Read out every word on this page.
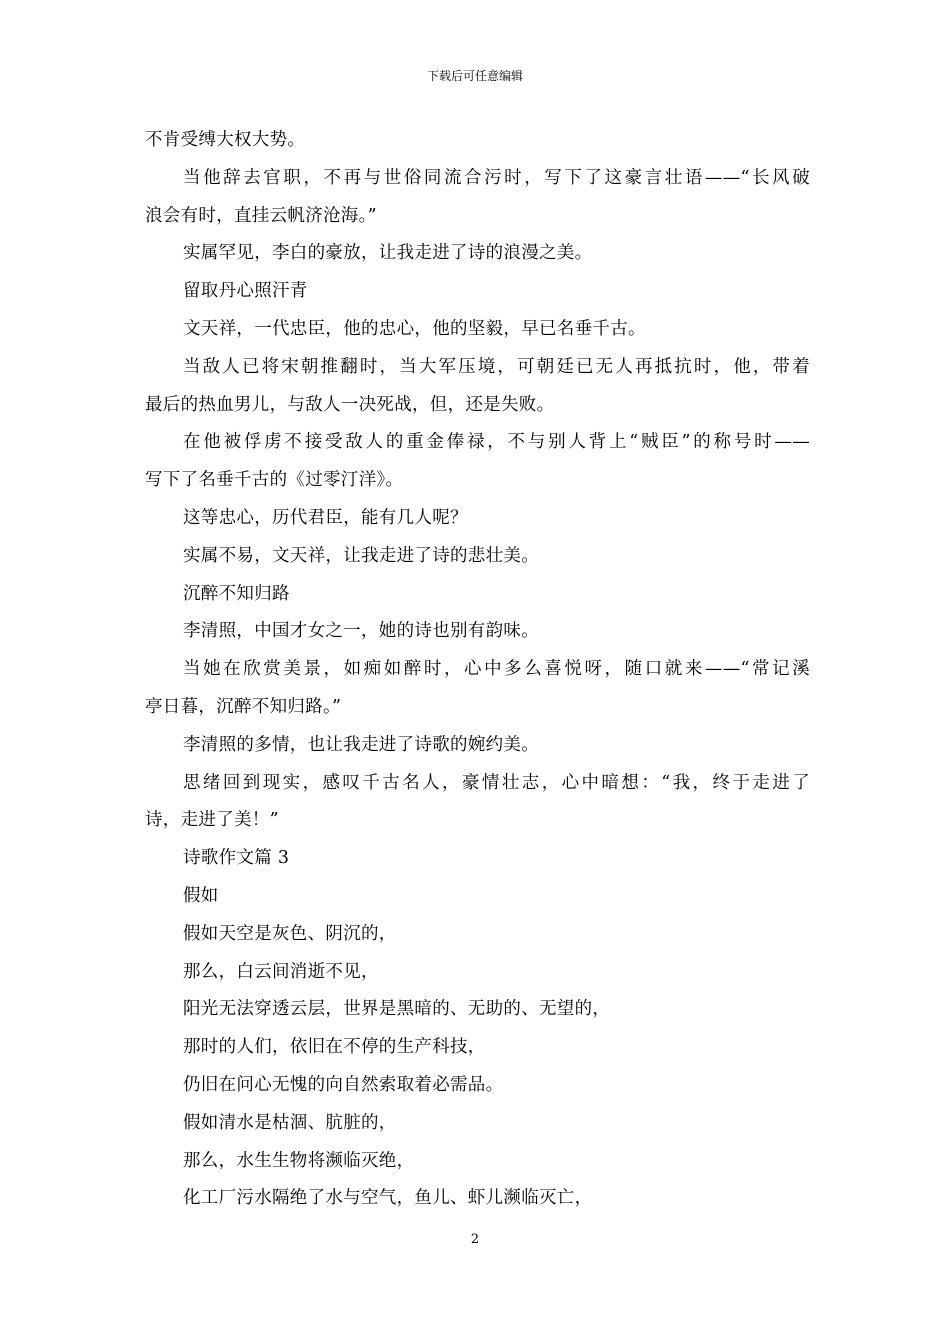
下载后可任意编辑
不肯受缚大权大势。
当他辞去官职，不再与世俗同流合污时，写下了这豪言壮语——“长风破
浪会有时，直挂云帆济沧海。”
实属罕见，李白的豪放，让我走进了诗的浪漫之美。
留取丹心照汗青
文天祥，一代忠臣，他的忠心，他的坚毅，早已名垂千古。
当敌人已将宋朝推翻时，当大军压境，可朝廷已无人再抵抗时，他，带着
最后的热血男儿，与敌人一决死战，但，还是失败。
在他被俘虏不接受敌人的重金俸禄，不与别人背上“贼臣”的称号时——
写下了名垂千古的《过零汀洋》。
这等忠心，历代君臣，能有几人呢？
实属不易，文天祥，让我走进了诗的悲壮美。
沉醉不知归路
李清照，中国才女之一，她的诗也别有韵味。
当她在欣赏美景，如痴如醉时，心中多么喜悦呀，随口就来——“常记溪
亭日暮，沉醉不知归路。”
李清照的多情，也让我走进了诗歌的婉约美。
思绪回到现实，感叹千古名人，豪情壮志，心中暗想：“我，终于走进了
诗，走进了美！”
诗歌作文篇 3
假如
假如天空是灰色、阴沉的，
那么，白云间消逝不见，
阳光无法穿透云层，世界是黑暗的、无助的、无望的，
那时的人们，依旧在不停的生产科技，
仍旧在问心无愧的向自然索取着必需品。
假如清水是枯涸、肮脏的，
那么，水生生物将濒临灭绝，
化工厂污水隔绝了水与空气，鱼儿、虾儿濒临灭亡，
2
